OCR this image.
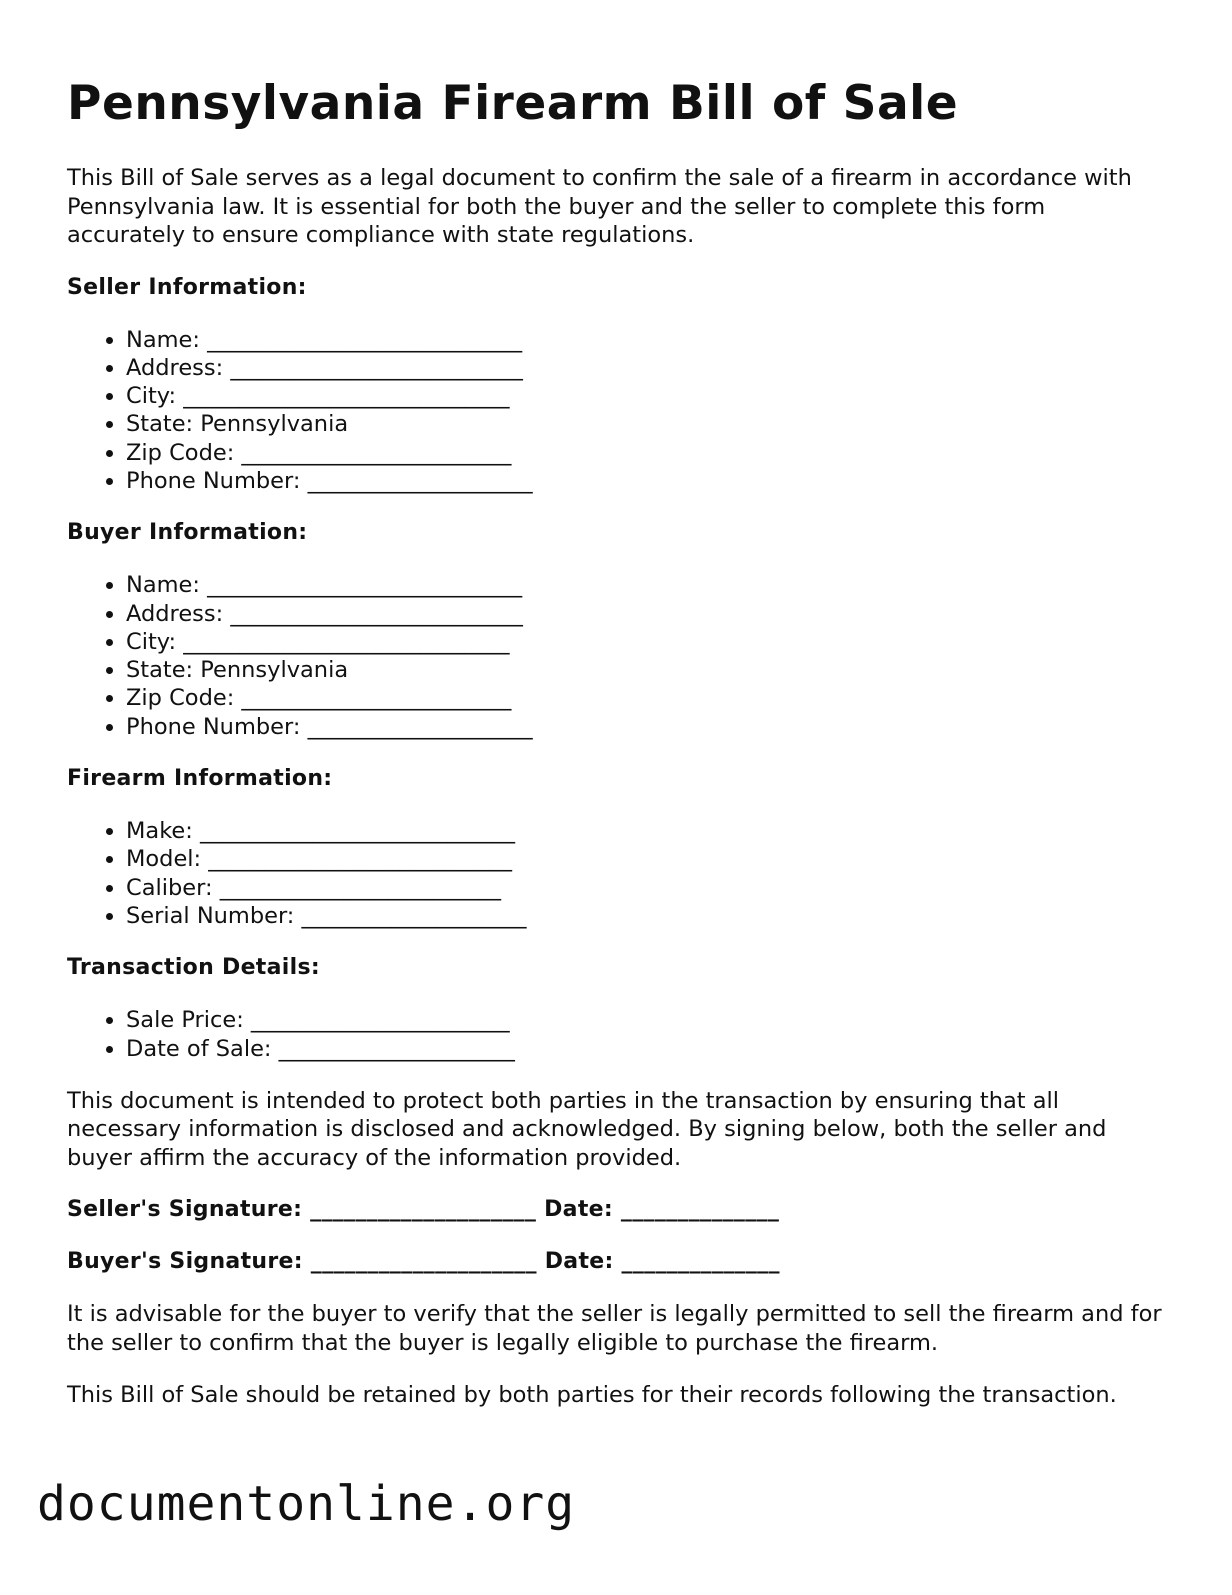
Pennsylvania Firearm Bill of Sale

This Bill of Sale serves as a legal document to confirm the sale of a firearm in accordance with Pennsylvania law. It is essential for both the buyer and the seller to complete this form accurately to ensure compliance with state regulations.

Seller Information:
• Name: ____________________________
• Address: __________________________
• City: _____________________________
• State: Pennsylvania
• Zip Code: ________________________
• Phone Number: ____________________
Buyer Information:
• Name: ____________________________
• Address: __________________________
• City: _____________________________
• State: Pennsylvania
• Zip Code: ________________________
• Phone Number: ____________________
Firearm Information:
• Make: ____________________________
• Model: ___________________________
• Caliber: _________________________
• Serial Number: ____________________
Transaction Details:
• Sale Price: _______________________
• Date of Sale: _____________________

This document is intended to protect both parties in the transaction by ensuring that all necessary information is disclosed and acknowledged. By signing below, both the seller and buyer affirm the accuracy of the information provided.

Seller's Signature: ____________________ Date: ______________
Buyer's Signature: ____________________ Date: ______________

It is advisable for the buyer to verify that the seller is legally permitted to sell the firearm and for the seller to confirm that the buyer is legally eligible to purchase the firearm.

This Bill of Sale should be retained by both parties for their records following the transaction.

documentonline.org
